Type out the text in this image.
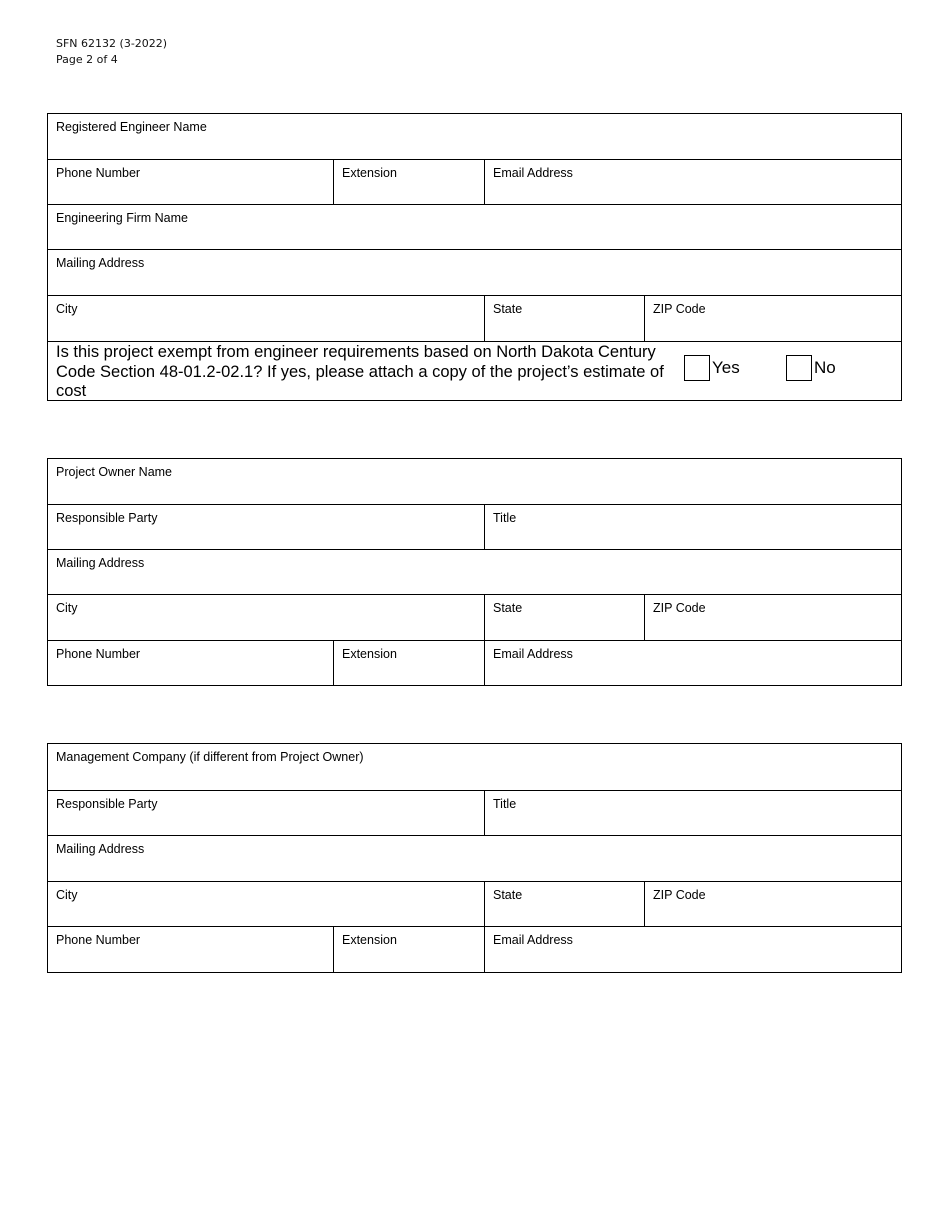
SFN 62132 (3-2022)
Page 2 of 4
Registered Engineer Name
Phone Number	Extension	Email Address
Engineering Firm Name
Mailing Address
City	State	ZIP Code
Is this project exempt from engineer requirements based on North Dakota Century Code Section 48-01.2-02.1? If yes, please attach a copy of the project’s estimate of cost
Yes	No
Project Owner Name
Responsible Party	Title
Mailing Address
City	State	ZIP Code
Phone Number	Extension	Email Address
Management Company (if different from Project Owner)
Responsible Party	Title
Mailing Address
City	State	ZIP Code
Phone Number	Extension	Email Address
